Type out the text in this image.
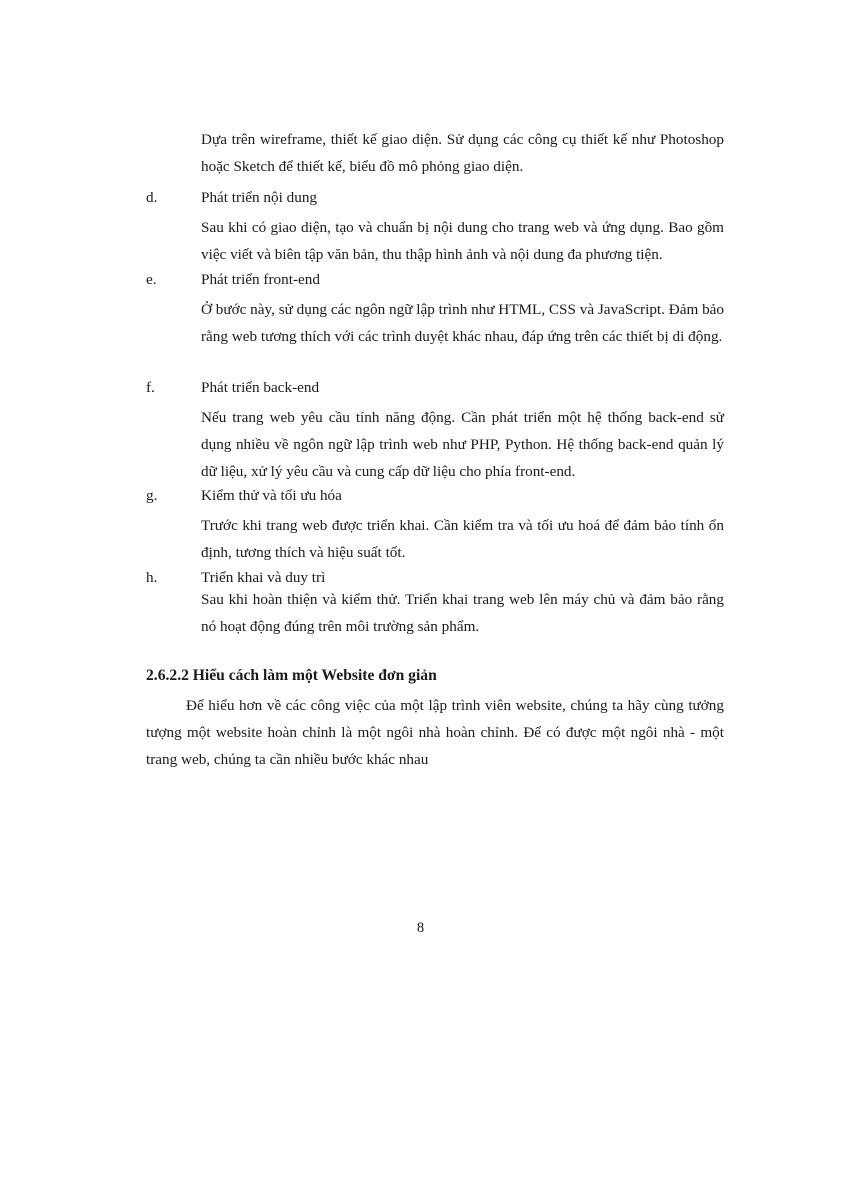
Dựa trên wireframe, thiết kế giao diện. Sử dụng các công cụ thiết kế như Photoshop hoặc Sketch để thiết kế, biểu đồ mô phỏng giao diện.
d.	Phát triển nội dung
Sau khi có giao diện, tạo và chuẩn bị nội dung cho trang web và ứng dụng. Bao gồm việc viết và biên tập văn bản, thu thập hình ảnh và nội dung đa phương tiện.
e.	Phát triển front-end
Ở bước này, sử dụng các ngôn ngữ lập trình như HTML, CSS và JavaScript. Đảm bảo rằng web tương thích với các trình duyệt khác nhau, đáp ứng trên các thiết bị di động.
f.	Phát triển back-end
Nếu trang web yêu cầu tính năng động. Cần phát triển một hệ thống back-end sử dụng nhiều về ngôn ngữ lập trình web như PHP, Python. Hệ thống back-end quản lý dữ liệu, xử lý yêu cầu và cung cấp dữ liệu cho phía front-end.
g.	Kiểm thử và tối ưu hóa
Trước khi trang web được triển khai. Cần kiểm tra và tối ưu hoá để đảm bảo tính ổn định, tương thích và hiệu suất tốt.
h.	Triển khai và duy trì
Sau khi hoàn thiện và kiểm thử. Triển khai trang web lên máy chủ và đảm bảo rằng nó hoạt động đúng trên môi trường sản phẩm.
2.6.2.2 Hiểu cách làm một Website đơn giản
Để hiểu hơn về các công việc của một lập trình viên website, chúng ta hãy cùng tưởng tượng một website hoàn chỉnh là một ngôi nhà hoàn chỉnh. Để có được một ngôi nhà - một trang web, chúng ta cần nhiều bước khác nhau
8
